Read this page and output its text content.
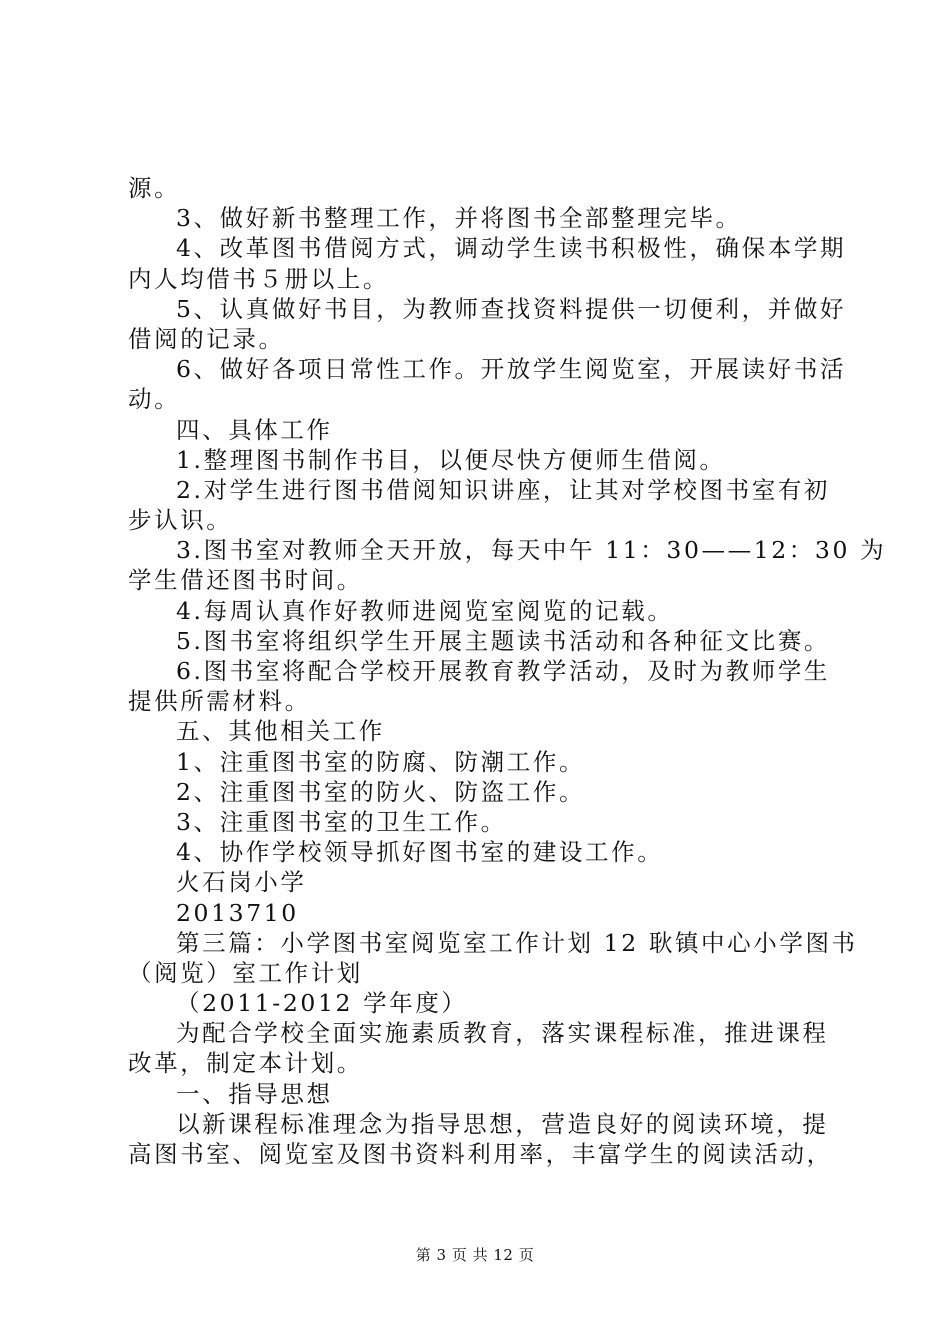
源。
3、做好新书整理工作，并将图书全部整理完毕。
4、改革图书借阅方式，调动学生读书积极性，确保本学期
内人均借书５册以上。
5、认真做好书目，为教师查找资料提供一切便利，并做好
借阅的记录。
6、做好各项日常性工作。开放学生阅览室，开展读好书活
动。
四、具体工作
1.整理图书制作书目，以便尽快方便师生借阅。
2.对学生进行图书借阅知识讲座，让其对学校图书室有初
步认识。
3.图书室对教师全天开放，每天中午 11：30——12：30 为
学生借还图书时间。
4.每周认真作好教师进阅览室阅览的记载。
5.图书室将组织学生开展主题读书活动和各种征文比赛。
6.图书室将配合学校开展教育教学活动，及时为教师学生
提供所需材料。
五、其他相关工作
1、注重图书室的防腐、防潮工作。
2、注重图书室的防火、防盗工作。
3、注重图书室的卫生工作。
4、协作学校领导抓好图书室的建设工作。
火石岗小学
2013710
第三篇：小学图书室阅览室工作计划 12 耿镇中心小学图书
（阅览）室工作计划
（2011-2012 学年度）
为配合学校全面实施素质教育，落实课程标准，推进课程
改革，制定本计划。
一、指导思想
以新课程标准理念为指导思想，营造良好的阅读环境，提
高图书室、阅览室及图书资料利用率，丰富学生的阅读活动，
第 3 页 共 12 页
